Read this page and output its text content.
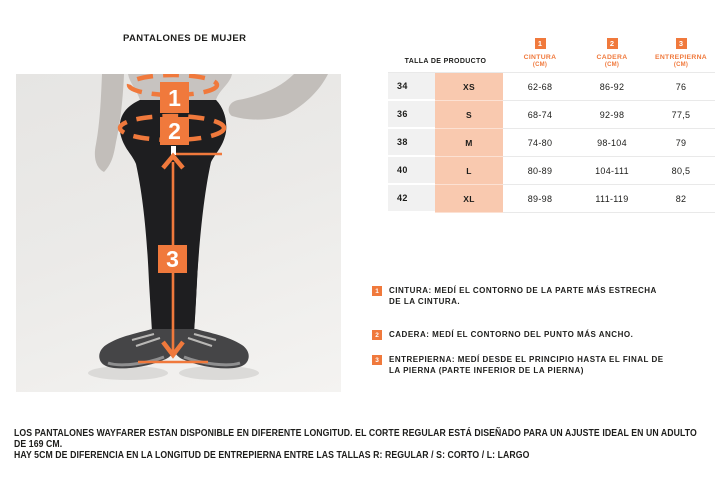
PANTALONES DE MUJER
1
2
3
TALLA DE PRODUCTO
1
CINTURA
(CM)
2
CADERA
(CM)
3
ENTREPIERNA
(CM)
34	XS	62-68	86-92	76
36	S	68-74	92-98	77,5
38	M	74-80	98-104	79
40	L	80-89	104-111	80,5
42	XL	89-98	111-119	82
1	CINTURA: MEDÍ EL CONTORNO DE LA PARTE MÁS ESTRECHA
DE LA CINTURA.
2	CADERA: MEDÍ EL CONTORNO DEL PUNTO MÁS ANCHO.
3	ENTREPIERNA: MEDÍ DESDE EL PRINCIPIO HASTA EL FINAL DE
LA PIERNA (PARTE INFERIOR DE LA PIERNA)
LOS PANTALONES WAYFARER ESTAN DISPONIBLE EN DIFERENTE LONGITUD. EL CORTE REGULAR ESTÁ DISEÑADO PARA UN AJUSTE IDEAL EN UN ADULTO DE 169 CM.
HAY 5CM DE DIFERENCIA EN LA LONGITUD DE ENTREPIERNA ENTRE LAS TALLAS R: REGULAR / S: CORTO / L: LARGO
